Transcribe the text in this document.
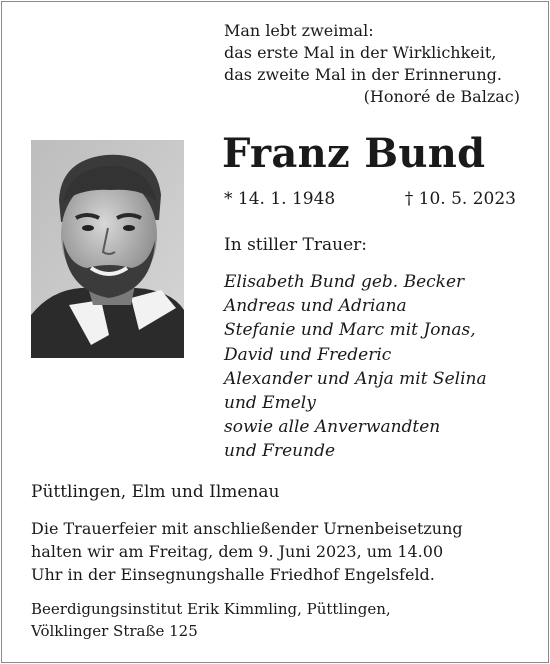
Man lebt zweimal:
das erste Mal in der Wirklichkeit,
das zweite Mal in der Erinnerung.
(Honoré de Balzac)
Franz Bund
* 14. 1. 1948	† 10. 5. 2023
In stiller Trauer:
Elisabeth Bund geb. Becker
Andreas und Adriana
Stefanie und Marc mit Jonas,
David und Frederic
Alexander und Anja mit Selina
und Emely
sowie alle Anverwandten
und Freunde
Püttlingen, Elm und Ilmenau
Die Trauerfeier mit anschließender Urnenbeisetzung
halten wir am Freitag, dem 9. Juni 2023, um 14.00
Uhr in der Einsegnungshalle Friedhof Engelsfeld.
Beerdigungsinstitut Erik Kimmling, Püttlingen,
Völklinger Straße 125
